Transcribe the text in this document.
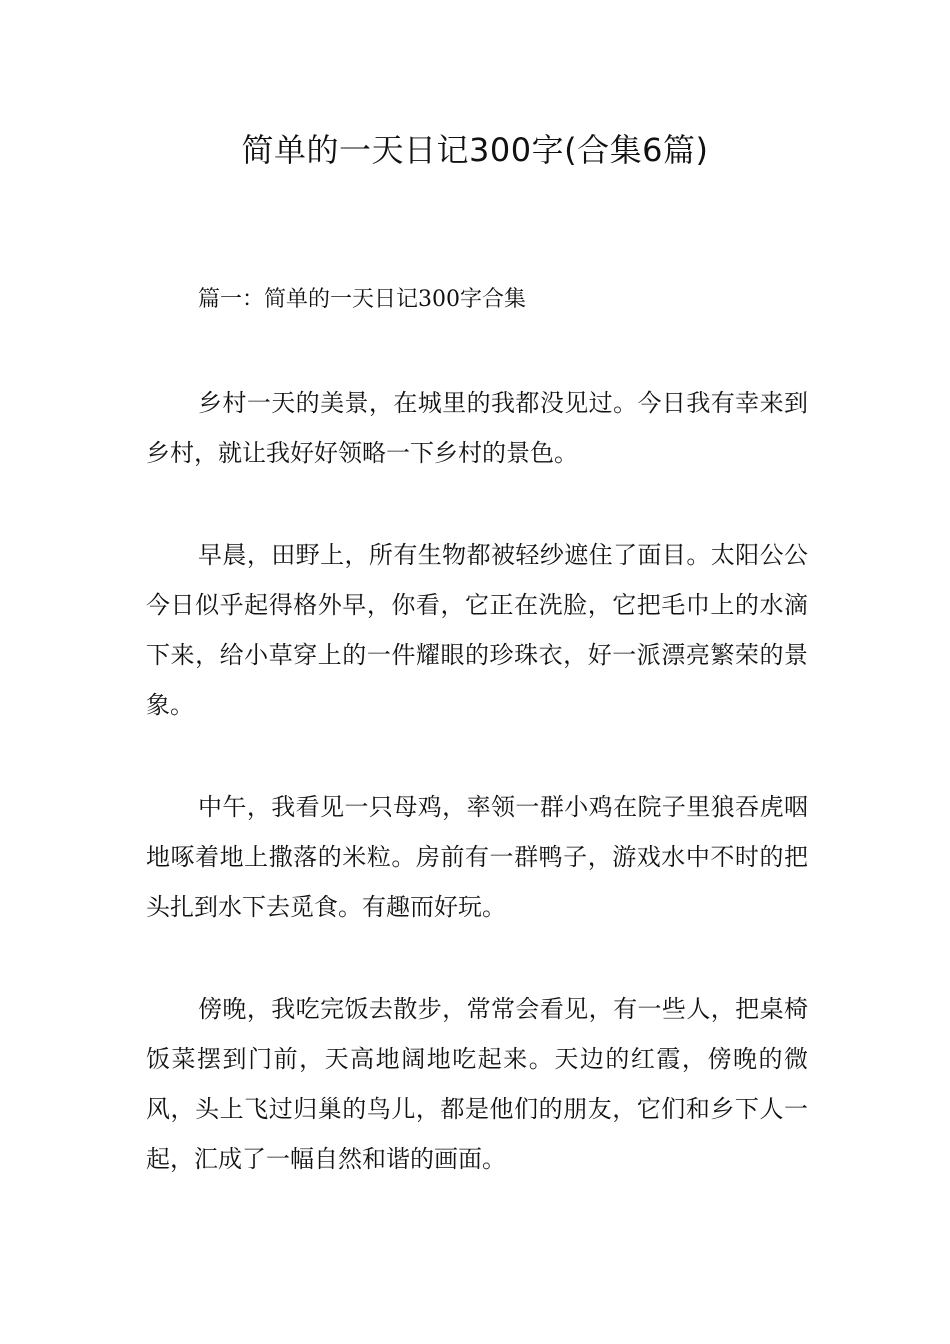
简单的一天日记300字(合集6篇)

篇一：简单的一天日记300字合集

乡村一天的美景，在城里的我都没见过。今日我有幸来到乡村，就让我好好领略一下乡村的景色。

早晨，田野上，所有生物都被轻纱遮住了面目。太阳公公今日似乎起得格外早，你看，它正在洗脸，它把毛巾上的水滴下来，给小草穿上的一件耀眼的珍珠衣，好一派漂亮繁荣的景象。

中午，我看见一只母鸡，率领一群小鸡在院子里狼吞虎咽地啄着地上撒落的米粒。房前有一群鸭子，游戏水中不时的把头扎到水下去觅食。有趣而好玩。

傍晚，我吃完饭去散步，常常会看见，有一些人，把桌椅饭菜摆到门前，天高地阔地吃起来。天边的红霞，傍晚的微风，头上飞过归巢的鸟儿，都是他们的朋友，它们和乡下人一起，汇成了一幅自然和谐的画面。
